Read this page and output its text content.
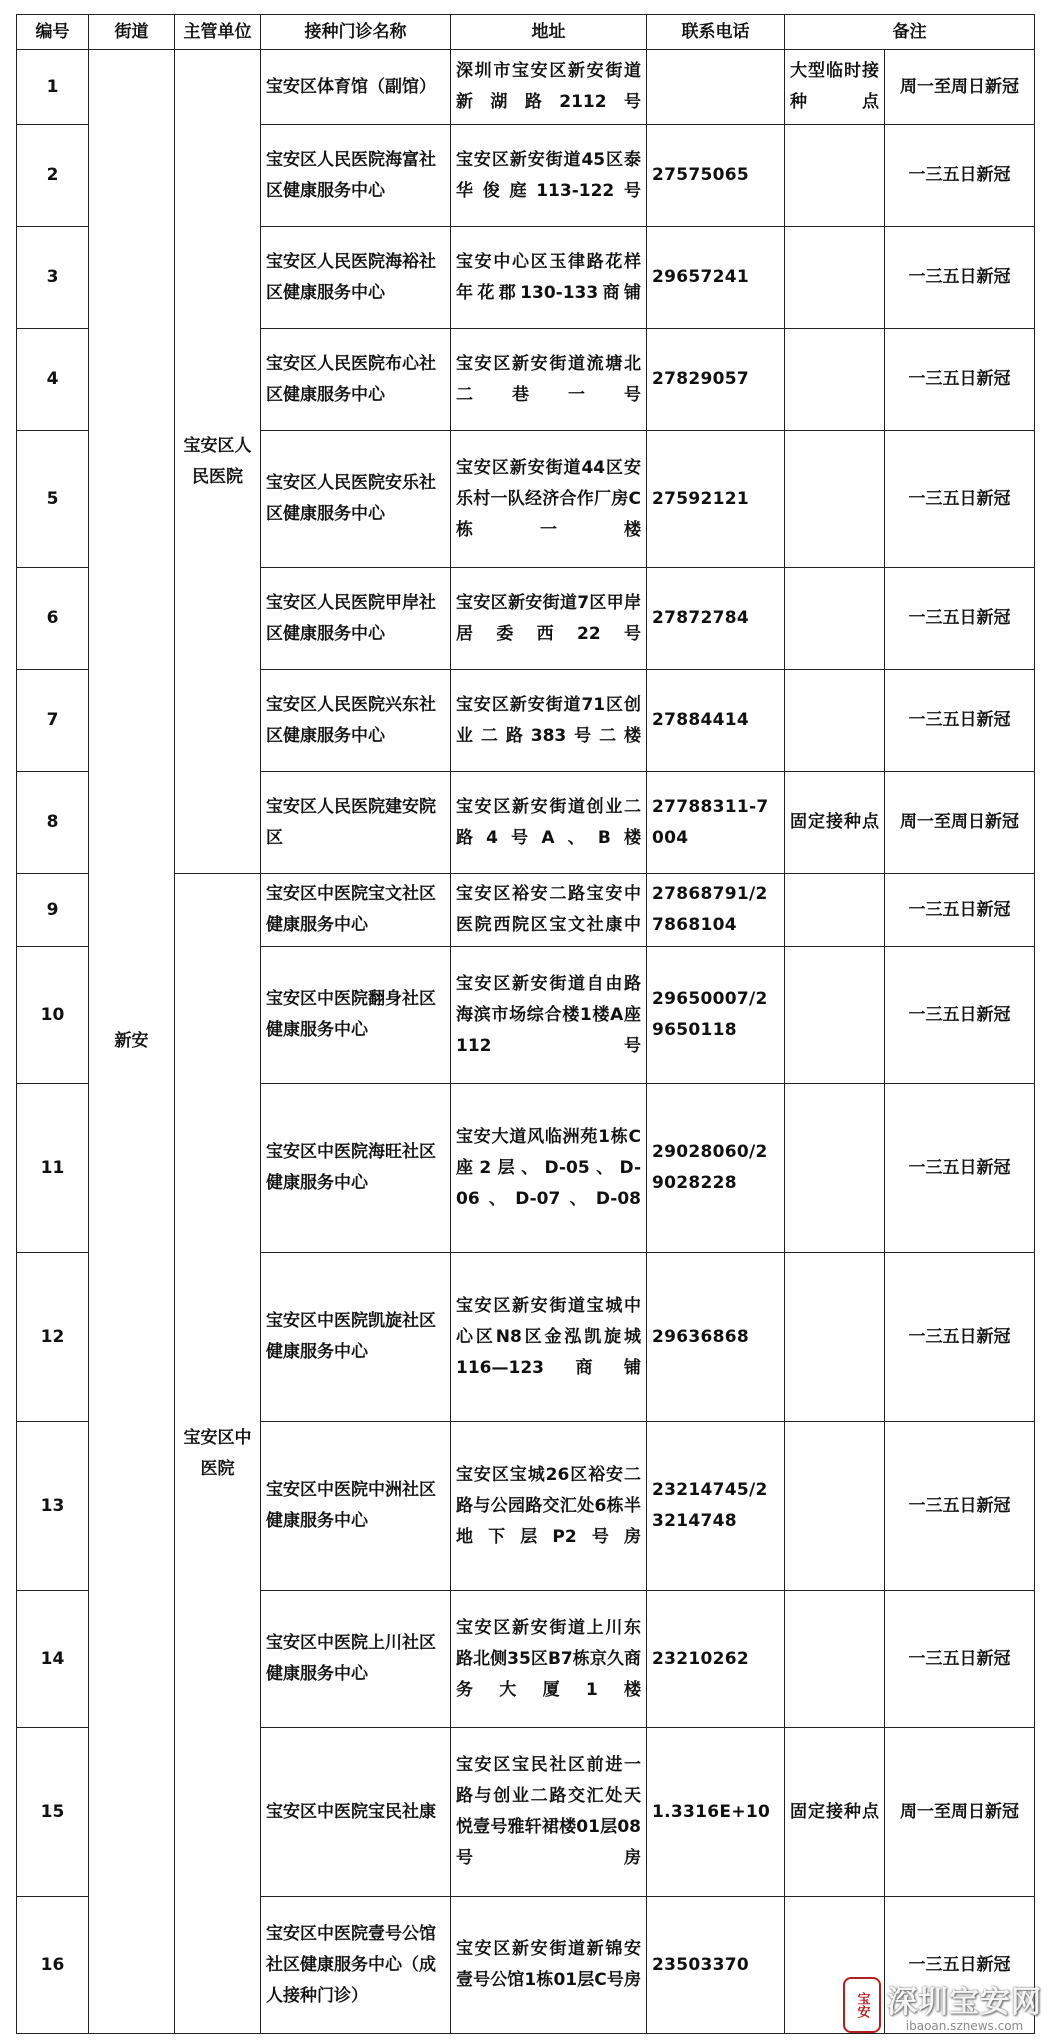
编号	街道	主管单位	接种门诊名称	地址	联系电话	备注	
1	新安	宝安区人民医院	宝安区体育馆（副馆）	深圳市宝安区新安街道新湖路2112号		大型临时接种点	周一至周日新冠
2			宝安区人民医院海富社区健康服务中心	宝安区新安街道45区泰华俊庭113-122号	27575065		一三五日新冠
3			宝安区人民医院海裕社区健康服务中心	宝安中心区玉律路花样年花郡130-133商铺	29657241		一三五日新冠
4			宝安区人民医院布心社区健康服务中心	宝安区新安街道流塘北二巷一号	27829057		一三五日新冠
5			宝安区人民医院安乐社区健康服务中心	宝安区新安街道44区安乐村一队经济合作厂房C栋一楼	27592121		一三五日新冠
6			宝安区人民医院甲岸社区健康服务中心	宝安区新安街道7区甲岸居委西22号	27872784		一三五日新冠
7			宝安区人民医院兴东社区健康服务中心	宝安区新安街道71区创业二路383号二楼	27884414		一三五日新冠
8			宝安区人民医院建安院区	宝安区新安街道创业二路4号A、B楼	27788311-7004	固定接种点	周一至周日新冠
9		宝安区中医院	宝安区中医院宝文社区健康服务中心	宝安区裕安二路宝安中医院西院区宝文社康中	27868791/27868104		一三五日新冠
10			宝安区中医院翻身社区健康服务中心	宝安区新安街道自由路海滨市场综合楼1楼A座112号	29650007/29650118		一三五日新冠
11			宝安区中医院海旺社区健康服务中心	宝安大道风临洲苑1栋C座2层、D-05、D-06、D-07、D-08	29028060/29028228		一三五日新冠
12			宝安区中医院凯旋社区健康服务中心	宝安区新安街道宝城中心区N8区金泓凯旋城116—123商铺	29636868		一三五日新冠
13			宝安区中医院中洲社区健康服务中心	宝安区宝城26区裕安二路与公园路交汇处6栋半地下层P2号房	23214745/23214748		一三五日新冠
14			宝安区中医院上川社区健康服务中心	宝安区新安街道上川东路北侧35区B7栋京久商务大厦1楼	23210262		一三五日新冠
15			宝安区中医院宝民社康	宝安区宝民社区前进一路与创业二路交汇处天悦壹号雅轩裙楼01层08号房	1.3316E+10	固定接种点	周一至周日新冠
16			宝安区中医院壹号公馆社区健康服务中心（成人接种门诊）	宝安区新安街道新锦安壹号公馆1栋01层C号房	23503370		一三五日新冠
宝安 深圳宝安网
ibaoan.sznews.com
